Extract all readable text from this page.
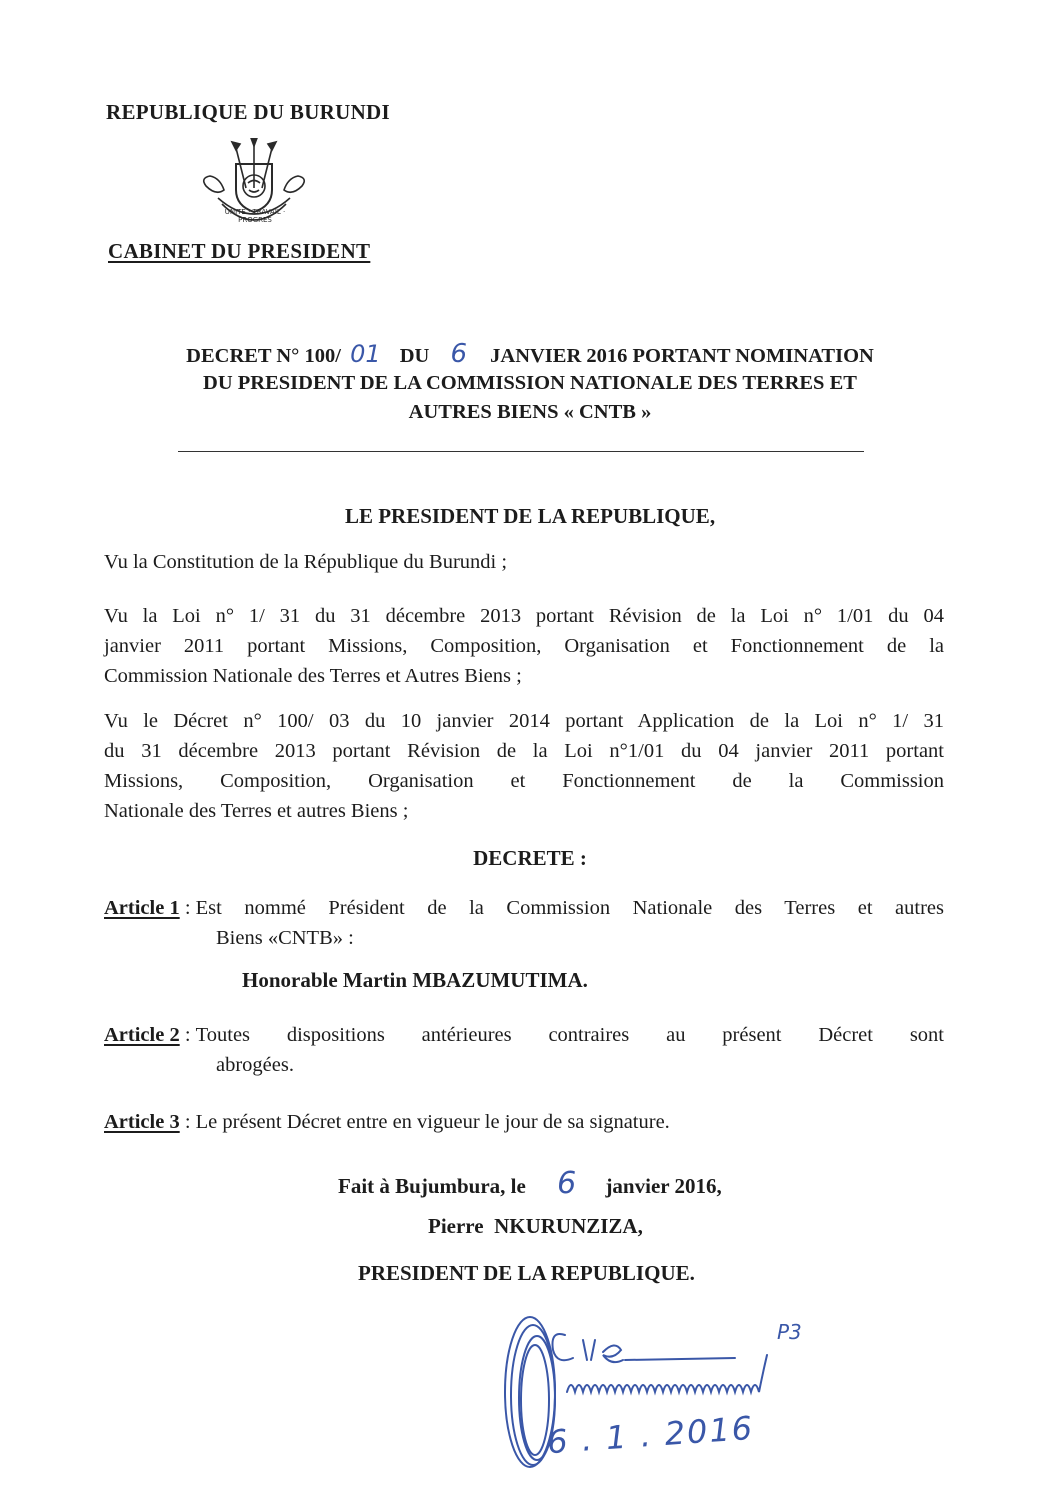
REPUBLIQUE DU BURUNDI
UNITE · TRAVAIL · PROGRES
CABINET DU PRESIDENT
DECRET N° 100/ 01 DU 6 JANVIER 2016 PORTANT NOMINATION
DU PRESIDENT DE LA COMMISSION NATIONALE DES TERRES ET
AUTRES BIENS « CNTB »
LE PRESIDENT DE LA REPUBLIQUE,
Vu la Constitution de la République du Burundi ;
Vu la Loi n° 1/ 31 du 31 décembre 2013 portant Révision de la Loi n° 1/01 du 04
janvier 2011 portant Missions, Composition, Organisation et Fonctionnement de la
Commission Nationale des Terres et Autres Biens ;
Vu le Décret n° 100/ 03 du 10 janvier 2014 portant Application de la Loi n° 1/ 31
du 31 décembre 2013 portant Révision de la Loi n°1/01 du 04 janvier 2011 portant
Missions, Composition, Organisation et Fonctionnement de la Commission
Nationale des Terres et autres Biens ;
DECRETE :
Article 1 : Est nommé Président de la Commission Nationale des Terres et autres
Biens «CNTB» :
Honorable Martin MBAZUMUTIMA.
Article 2 : Toutes dispositions antérieures contraires au présent Décret sont
abrogées.
Article 3 : Le présent Décret entre en vigueur le jour de sa signature.
Fait à Bujumbura, le 6 janvier 2016,
Pierre  NKURUNZIZA,
PRESIDENT DE LA REPUBLIQUE.
P3
6 . 1 . 2016
